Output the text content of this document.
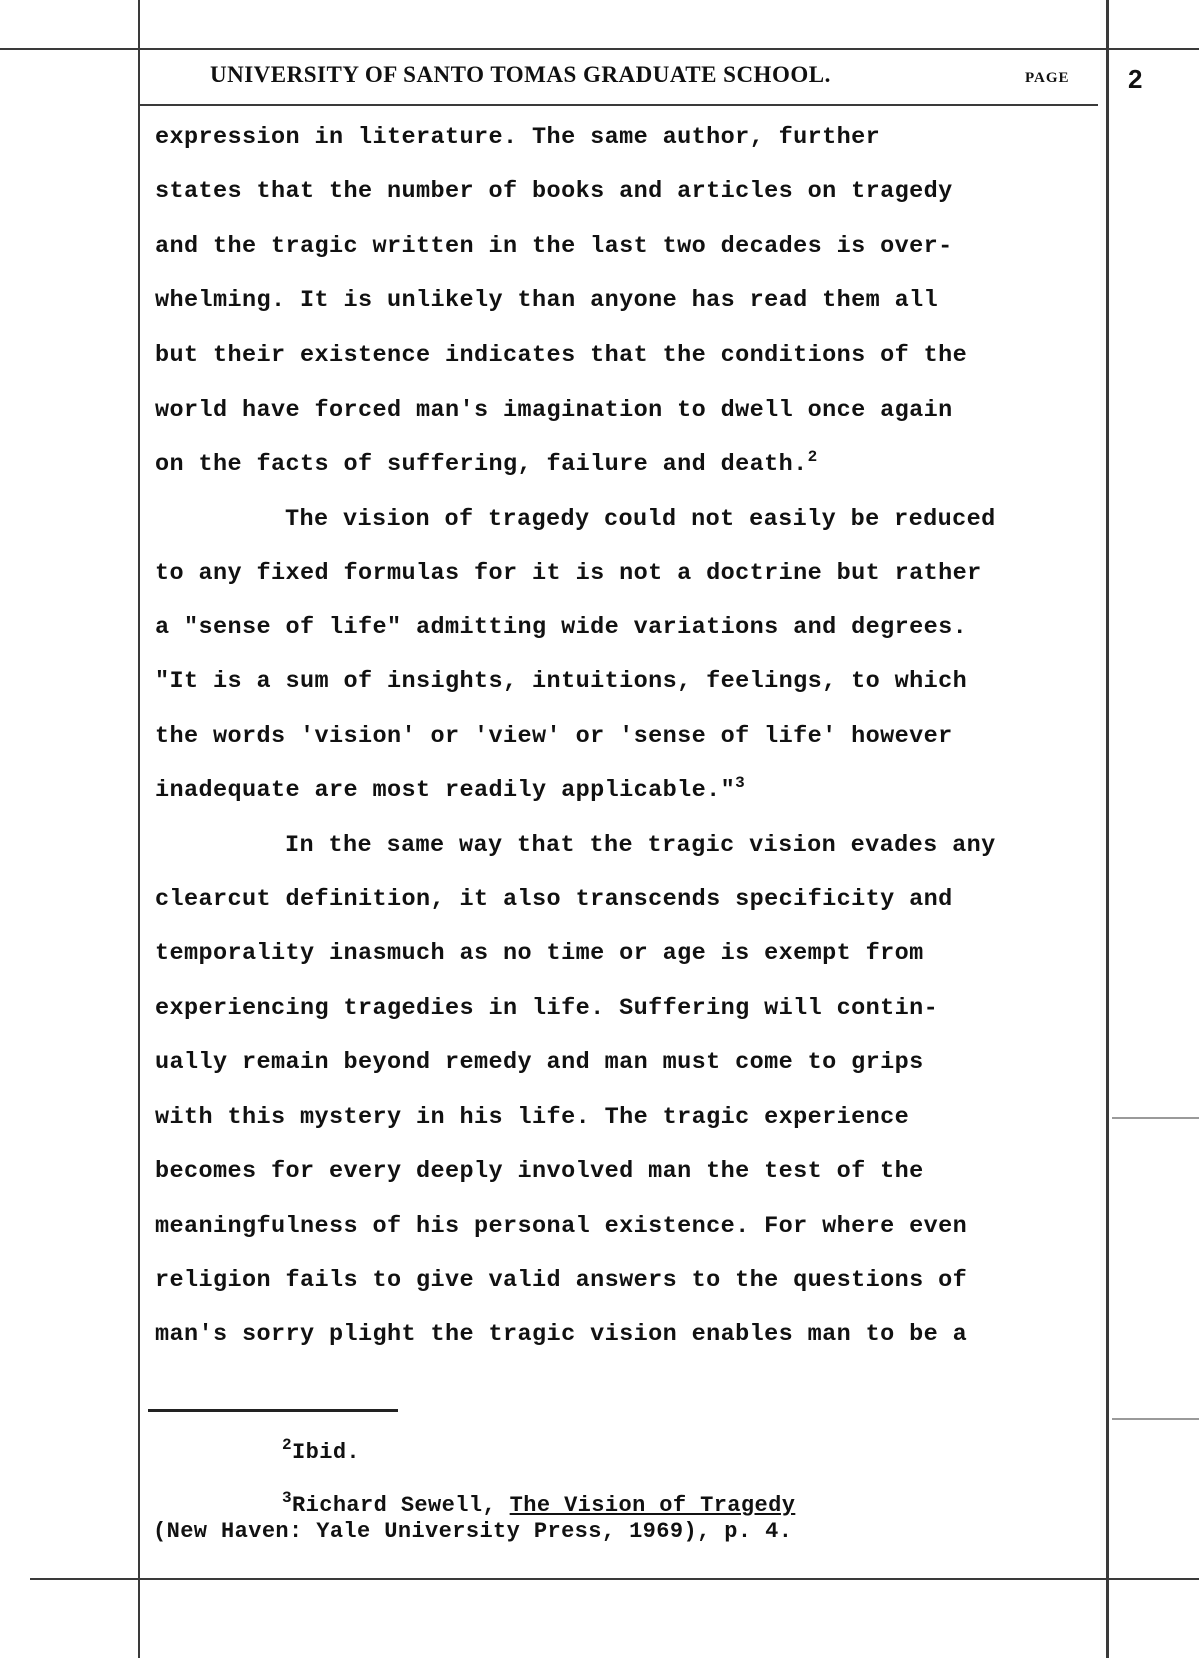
UNIVERSITY OF SANTO TOMAS GRADUATE SCHOOL.	PAGE 2
expression in literature. The same author, further
states that the number of books and articles on tragedy
and the tragic written in the last two decades is over-
whelming. It is unlikely than anyone has read them all
but their existence indicates that the conditions of the
world have forced man's imagination to dwell once again
on the facts of suffering, failure and death.$^2$
The vision of tragedy could not easily be reduced
to any fixed formulas for it is not a doctrine but rather
a "sense of life" admitting wide variations and degrees.
"It is a sum of insights, intuitions, feelings, to which
the words 'vision' or 'view' or 'sense of life' however
inadequate are most readily applicable."$^3$
In the same way that the tragic vision evades any
clearcut definition, it also transcends specificity and
temporality inasmuch as no time or age is exempt from
experiencing tragedies in life. Suffering will contin-
ually remain beyond remedy and man must come to grips
with this mystery in his life. The tragic experience
becomes for every deeply involved man the test of the
meaningfulness of his personal existence. For where even
religion fails to give valid answers to the questions of
man's sorry plight the tragic vision enables man to be a
$^2$Ibid.
$^3$Richard Sewell, The Vision of Tragedy
(New Haven: Yale University Press, 1969), p. 4.
